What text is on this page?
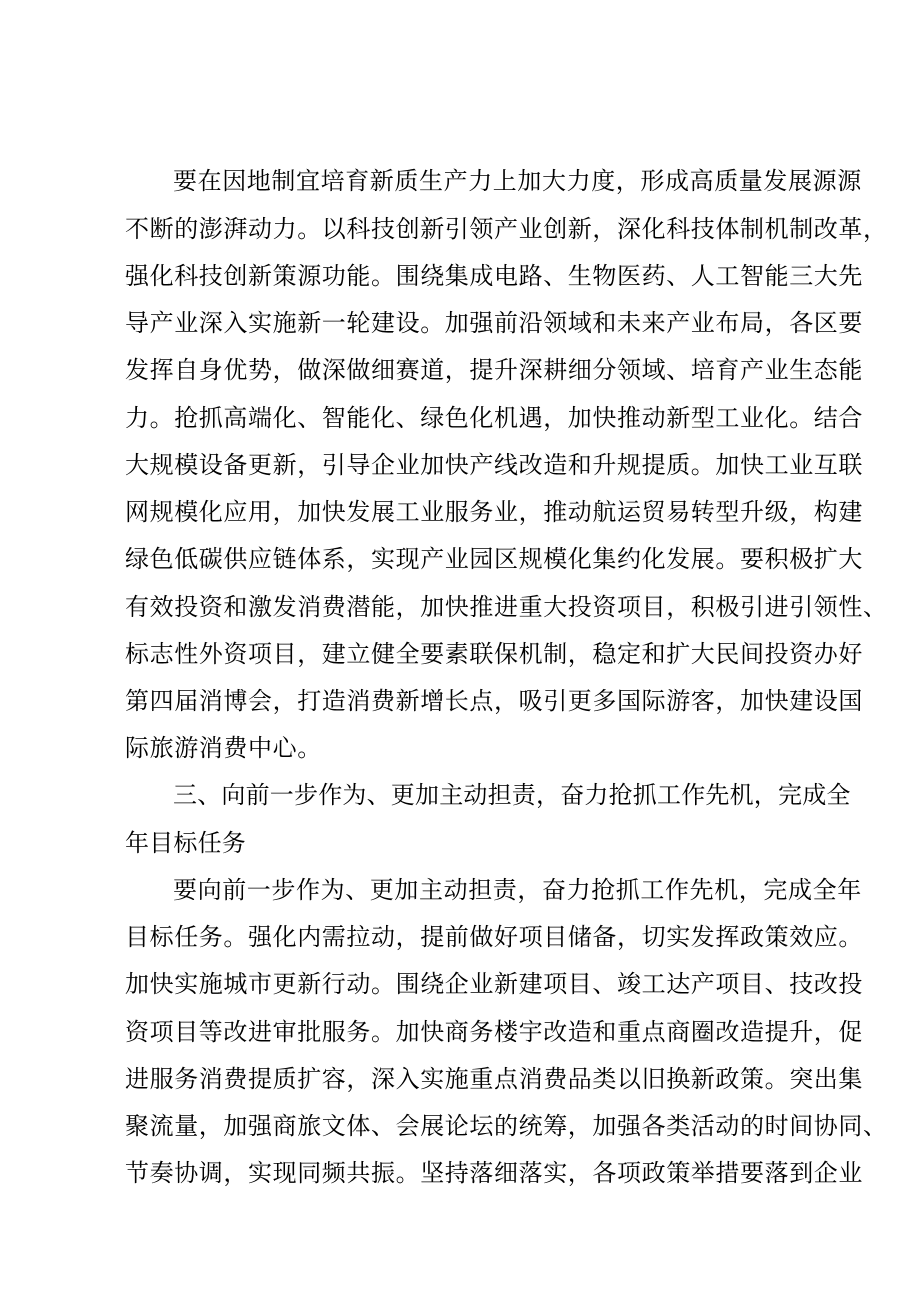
要在因地制宜培育新质生产力上加大力度，形成高质量发展源源
不断的澎湃动力。以科技创新引领产业创新，深化科技体制机制改革，
强化科技创新策源功能。围绕集成电路、生物医药、人工智能三大先
导产业深入实施新一轮建设。加强前沿领域和未来产业布局，各区要
发挥自身优势，做深做细赛道，提升深耕细分领域、培育产业生态能
力。抢抓高端化、智能化、绿色化机遇，加快推动新型工业化。结合
大规模设备更新，引导企业加快产线改造和升规提质。加快工业互联
网规模化应用，加快发展工业服务业，推动航运贸易转型升级，构建
绿色低碳供应链体系，实现产业园区规模化集约化发展。要积极扩大
有效投资和激发消费潜能，加快推进重大投资项目，积极引进引领性、
标志性外资项目，建立健全要素联保机制，稳定和扩大民间投资办好
第四届消博会，打造消费新增长点，吸引更多国际游客，加快建设国
际旅游消费中心。
三、向前一步作为、更加主动担责，奋力抢抓工作先机，完成全
年目标任务
要向前一步作为、更加主动担责，奋力抢抓工作先机，完成全年
目标任务。强化内需拉动，提前做好项目储备，切实发挥政策效应。
加快实施城市更新行动。围绕企业新建项目、竣工达产项目、技改投
资项目等改进审批服务。加快商务楼宇改造和重点商圈改造提升，促
进服务消费提质扩容，深入实施重点消费品类以旧换新政策。突出集
聚流量，加强商旅文体、会展论坛的统筹，加强各类活动的时间协同、
节奏协调，实现同频共振。坚持落细落实，各项政策举措要落到企业
